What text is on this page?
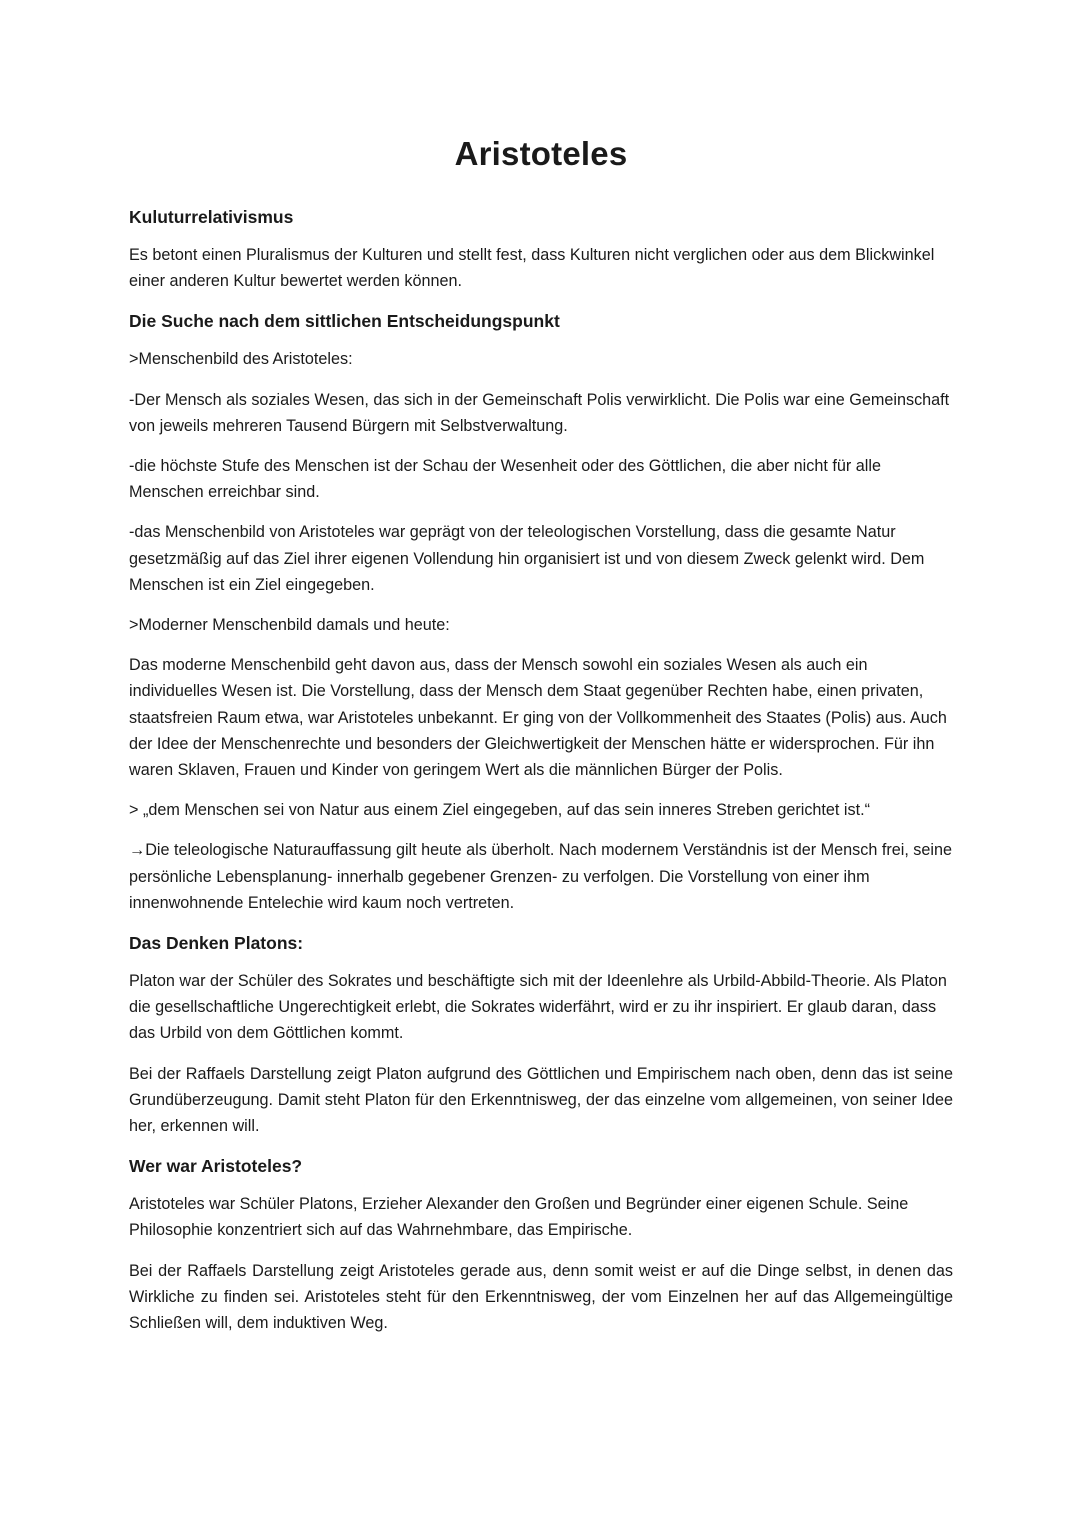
Aristoteles
Kuluturrelativismus

Es betont einen Pluralismus der Kulturen und stellt fest, dass Kulturen nicht verglichen oder aus dem Blickwinkel einer anderen Kultur bewertet werden können.

Die Suche nach dem sittlichen Entscheidungspunkt

>Menschenbild des Aristoteles:

-Der Mensch als soziales Wesen, das sich in der Gemeinschaft Polis verwirklicht. Die Polis war eine Gemeinschaft von jeweils mehreren Tausend Bürgern mit Selbstverwaltung.

-die höchste Stufe des Menschen ist der Schau der Wesenheit oder des Göttlichen, die aber nicht für alle Menschen erreichbar sind.

-das Menschenbild von Aristoteles war geprägt von der teleologischen Vorstellung, dass die gesamte Natur gesetzmäßig auf das Ziel ihrer eigenen Vollendung hin organisiert ist und von diesem Zweck gelenkt wird. Dem Menschen ist ein Ziel eingegeben.

>Moderner Menschenbild damals und heute:

Das moderne Menschenbild geht davon aus, dass der Mensch sowohl ein soziales Wesen als auch ein individuelles Wesen ist. Die Vorstellung, dass der Mensch dem Staat gegenüber Rechten habe, einen privaten, staatsfreien Raum etwa, war Aristoteles unbekannt. Er ging von der Vollkommenheit des Staates (Polis) aus. Auch der Idee der Menschenrechte und besonders der Gleichwertigkeit der Menschen hätte er widersprochen. Für ihn waren Sklaven, Frauen und Kinder von geringem Wert als die männlichen Bürger der Polis.

> „dem Menschen sei von Natur aus einem Ziel eingegeben, auf das sein inneres Streben gerichtet ist.“

→Die teleologische Naturauffassung gilt heute als überholt. Nach modernem Verständnis ist der Mensch frei, seine persönliche Lebensplanung- innerhalb gegebener Grenzen- zu verfolgen. Die Vorstellung von einer ihm innenwohnende Entelechie wird kaum noch vertreten.

Das Denken Platons:

Platon war der Schüler des Sokrates und beschäftigte sich mit der Ideenlehre als Urbild-Abbild-Theorie. Als Platon die gesellschaftliche Ungerechtigkeit erlebt, die Sokrates widerfährt, wird er zu ihr inspiriert. Er glaub daran, dass das Urbild von dem Göttlichen kommt.

Bei der Raffaels Darstellung zeigt Platon aufgrund des Göttlichen und Empirischem nach oben, denn das ist seine Grundüberzeugung. Damit steht Platon für den Erkenntnisweg, der das einzelne vom allgemeinen, von seiner Idee her, erkennen will.

Wer war Aristoteles?

Aristoteles war Schüler Platons, Erzieher Alexander den Großen und Begründer einer eigenen Schule. Seine Philosophie konzentriert sich auf das Wahrnehmbare, das Empirische.

Bei der Raffaels Darstellung zeigt Aristoteles gerade aus, denn somit weist er auf die Dinge selbst, in denen das Wirkliche zu finden sei. Aristoteles steht für den Erkenntnisweg, der vom Einzelnen her auf das Allgemeingültige Schließen will, dem induktiven Weg.
